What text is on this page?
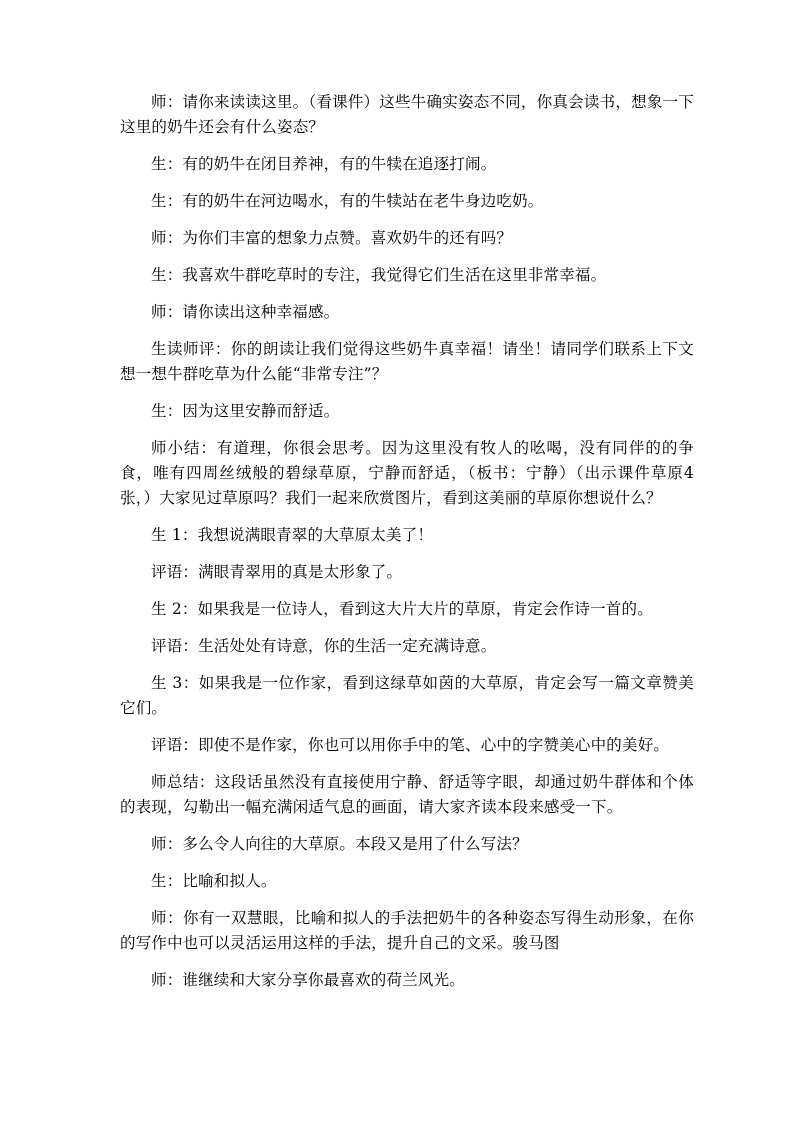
师：请你来读读这里。（看课件）这些牛确实姿态不同，你真会读书，想象一下这里的奶牛还会有什么姿态？

生：有的奶牛在闭目养神，有的牛犊在追逐打闹。

生：有的奶牛在河边喝水，有的牛犊站在老牛身边吃奶。

师：为你们丰富的想象力点赞。喜欢奶牛的还有吗？

生：我喜欢牛群吃草时的专注，我觉得它们生活在这里非常幸福。

师：请你读出这种幸福感。

生读师评：你的朗读让我们觉得这些奶牛真幸福！请坐！请同学们联系上下文想一想牛群吃草为什么能“非常专注”？

生：因为这里安静而舒适。

师小结：有道理，你很会思考。因为这里没有牧人的吆喝，没有同伴的的争食，唯有四周丝绒般的碧绿草原，宁静而舒适，（板书：宁静）（出示课件草原4张，）大家见过草原吗？我们一起来欣赏图片，看到这美丽的草原你想说什么？

生 1：我想说满眼青翠的大草原太美了！

评语：满眼青翠用的真是太形象了。

生 2：如果我是一位诗人，看到这大片大片的草原，肯定会作诗一首的。

评语：生活处处有诗意，你的生活一定充满诗意。

生 3：如果我是一位作家，看到这绿草如茵的大草原，肯定会写一篇文章赞美它们。

评语：即使不是作家，你也可以用你手中的笔、心中的字赞美心中的美好。

师总结：这段话虽然没有直接使用宁静、舒适等字眼，却通过奶牛群体和个体的表现，勾勒出一幅充满闲适气息的画面，请大家齐读本段来感受一下。

师：多么令人向往的大草原。本段又是用了什么写法？

生：比喻和拟人。

师：你有一双慧眼，比喻和拟人的手法把奶牛的各种姿态写得生动形象，在你的写作中也可以灵活运用这样的手法，提升自己的文采。骏马图

师：谁继续和大家分享你最喜欢的荷兰风光。
